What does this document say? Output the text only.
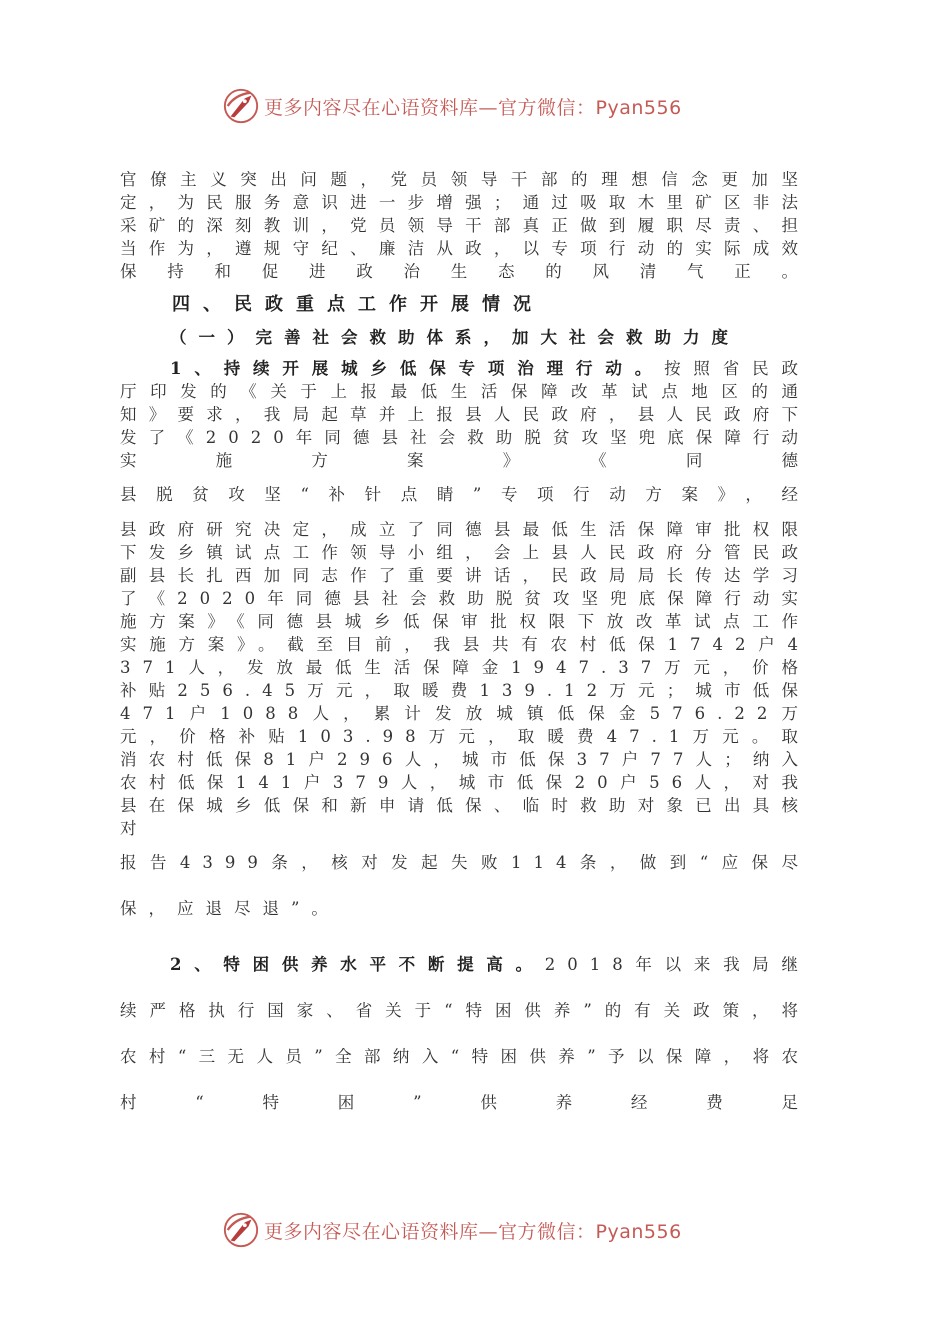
更多内容尽在心语资料库—官方微信：Pyan556

官僚主义突出问题，党员领导干部的理想信念更加坚定，为民服务意识进一步增强；通过吸取木里矿区非法采矿的深刻教训，党员领导干部真正做到履职尽责、担当作为，遵规守纪、廉洁从政，以专项行动的实际成效保持和促进政治生态的风清气正。

四、民政重点工作开展情况

（一）完善社会救助体系，加大社会救助力度

1、持续开展城乡低保专项治理行动。按照省民政厅印发的《关于上报最低生活保障改革试点地区的通知》要求，我局起草并上报县人民政府，县人民政府下发了《2020年同德县社会救助脱贫攻坚兜底保障行动实施方案》《同德

县脱贫攻坚“补针点睛”专项行动方案》，经

县政府研究决定，成立了同德县最低生活保障审批权限下发乡镇试点工作领导小组，会上县人民政府分管民政副县长扎西加同志作了重要讲话，民政局局长传达学习了《2020年同德县社会救助脱贫攻坚兜底保障行动实施方案》《同德县城乡低保审批权限下放改革试点工作实施方案》。截至目前，我县共有农村低保1742户4371人，发放最低生活保障金1947.37万元，价格补贴256.45万元，取暖费139.12万元；城市低保471户1088人，累计发放城镇低保金576.22万元，价格补贴103.98万元，取暖费47.1万元。取消农村低保81户296人，城市低保37户77人；纳入农村低保141户379人，城市低保20户56人，对我县在保城乡低保和新申请低保、临时救助对象已出具核对

报告4399条，核对发起失败114条，做到“应保尽

保，应退尽退”。

2、特困供养水平不断提高。2018年以来我局继续严格执行国家、省关于“特困供养”的有关政策，将农村“三无人员”全部纳入“特困供养”予以保障，将农村“特困”供养经费足

更多内容尽在心语资料库—官方微信：Pyan556
